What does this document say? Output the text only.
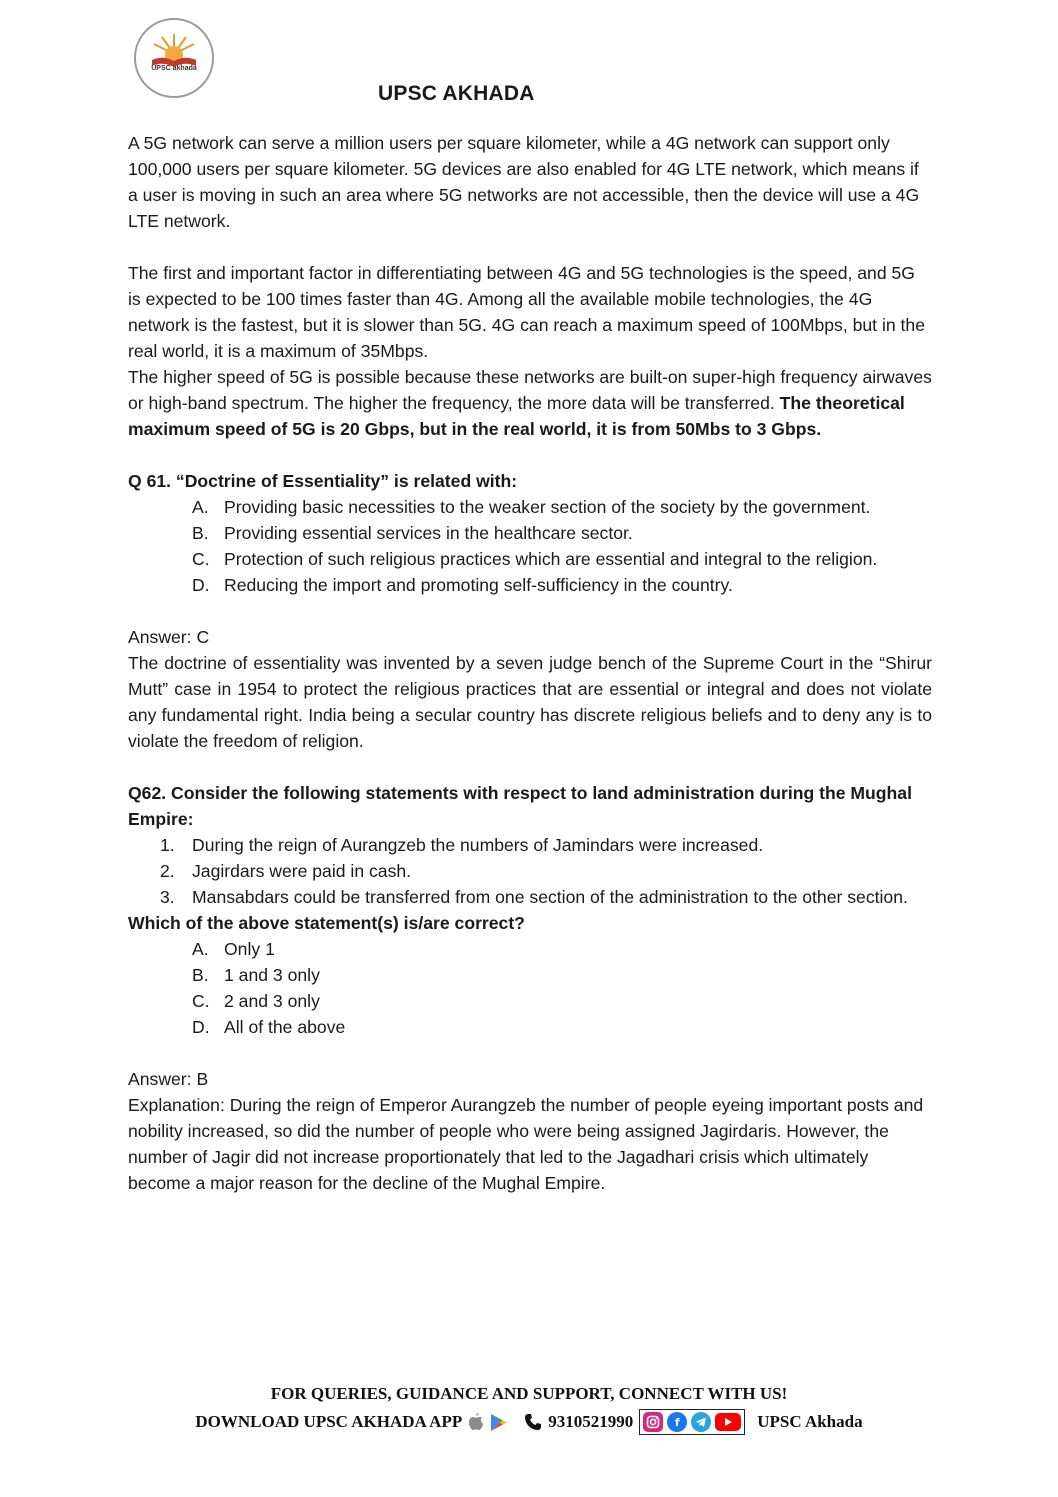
UPSC akhada
UPSC AKHADA

A 5G network can serve a million users per square kilometer, while a 4G network can support only 100,000 users per square kilometer. 5G devices are also enabled for 4G LTE network, which means if a user is moving in such an area where 5G networks are not accessible, then the device will use a 4G LTE network.

The first and important factor in differentiating between 4G and 5G technologies is the speed, and 5G is expected to be 100 times faster than 4G. Among all the available mobile technologies, the 4G network is the fastest, but it is slower than 5G. 4G can reach a maximum speed of 100Mbps, but in the real world, it is a maximum of 35Mbps.

The higher speed of 5G is possible because these networks are built-on super-high frequency airwaves or high-band spectrum. The higher the frequency, the more data will be transferred. The theoretical maximum speed of 5G is 20 Gbps, but in the real world, it is from 50Mbs to 3 Gbps.

Q 61. “Doctrine of Essentiality” is related with:

A. Providing basic necessities to the weaker section of the society by the government.
B. Providing essential services in the healthcare sector.
C. Protection of such religious practices which are essential and integral to the religion.
D. Reducing the import and promoting self-sufficiency in the country.

Answer: C

The doctrine of essentiality was invented by a seven judge bench of the Supreme Court in the “Shirur Mutt” case in 1954 to protect the religious practices that are essential or integral and does not violate any fundamental right. India being a secular country has discrete religious beliefs and to deny any is to violate the freedom of religion.

Q62. Consider the following statements with respect to land administration during the Mughal Empire:

1. During the reign of Aurangzeb the numbers of Jamindars were increased.
2. Jagirdars were paid in cash.
3. Mansabdars could be transferred from one section of the administration to the other section.

Which of the above statement(s) is/are correct?

A. Only 1
B. 1 and 3 only
C. 2 and 3 only
D. All of the above

Answer: B

Explanation: During the reign of Emperor Aurangzeb the number of people eyeing important posts and nobility increased, so did the number of people who were being assigned Jagirdaris. However, the number of Jagir did not increase proportionately that led to the Jagadhari crisis which ultimately become a major reason for the decline of the Mughal Empire.

FOR QUERIES, GUIDANCE AND SUPPORT, CONNECT WITH US!
DOWNLOAD UPSC AKHADA APP	9310521990	f	UPSC Akhada
